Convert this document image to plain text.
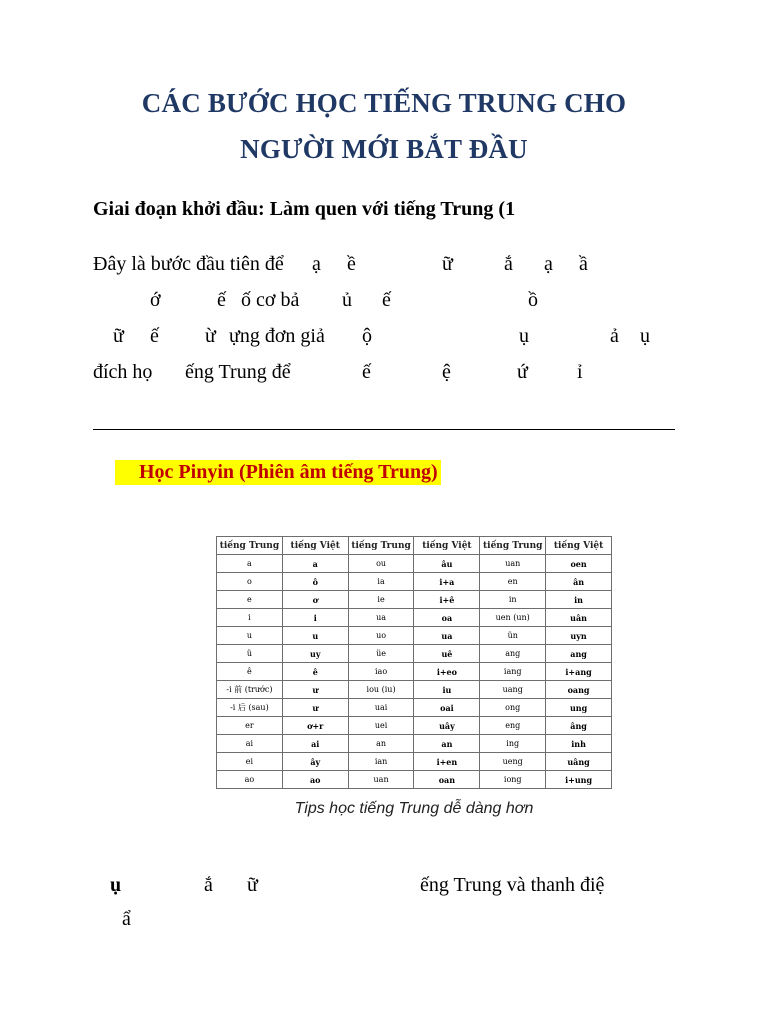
CÁC BƯỚC HỌC TIẾNG TRUNG CHO
NGƯỜI MỚI BẮT ĐẦU
Giai đoạn khởi đầu: Làm quen với tiếng Trung (1

Đây là bước đầu tiên để

ạ

ề

	ữ

	ắ

ạ

ầ

ớ

	ế

ố cơ bả

ủ

ế

	ồ

ữ

ế

ừ

ựng đơn giả

ộ

	ụ

	ả

ụ

đích họ

ếng Trung để

	ế

	ệ

	ứ

ỉ

Học Pinyin (Phiên âm tiếng Trung)
tiếng Trung	tiếng Việt	tiếng Trung	tiếng Việt	tiếng Trung	tiếng Việt
a	a	ou	âu	uan	oen
o	ô	ia	i+a	en	ân
e	ơ	ie	i+ê	in	in
i	i	ua	oa	uen (un)	uân
u	u	uo	ua	ün	uyn
ü	uy	üe	uê	ang	ang
ê	ê	iao	i+eo	iang	i+ang
-i 前 (trước)	ư	iou (iu)	iu	uang	oang
-i 后 (sau)	ư	uai	oai	ong	ung
er	ơ+r	uei	uây	eng	âng
ai	ai	an	an	ing	inh
ei	ây	ian	i+en	ueng	uâng
ao	ao	uan	oan	iong	i+ung
Tips học tiếng Trung dễ dàng hơn
ụ	ắ ữ	ếng Trung và thanh điệ
ẩ
